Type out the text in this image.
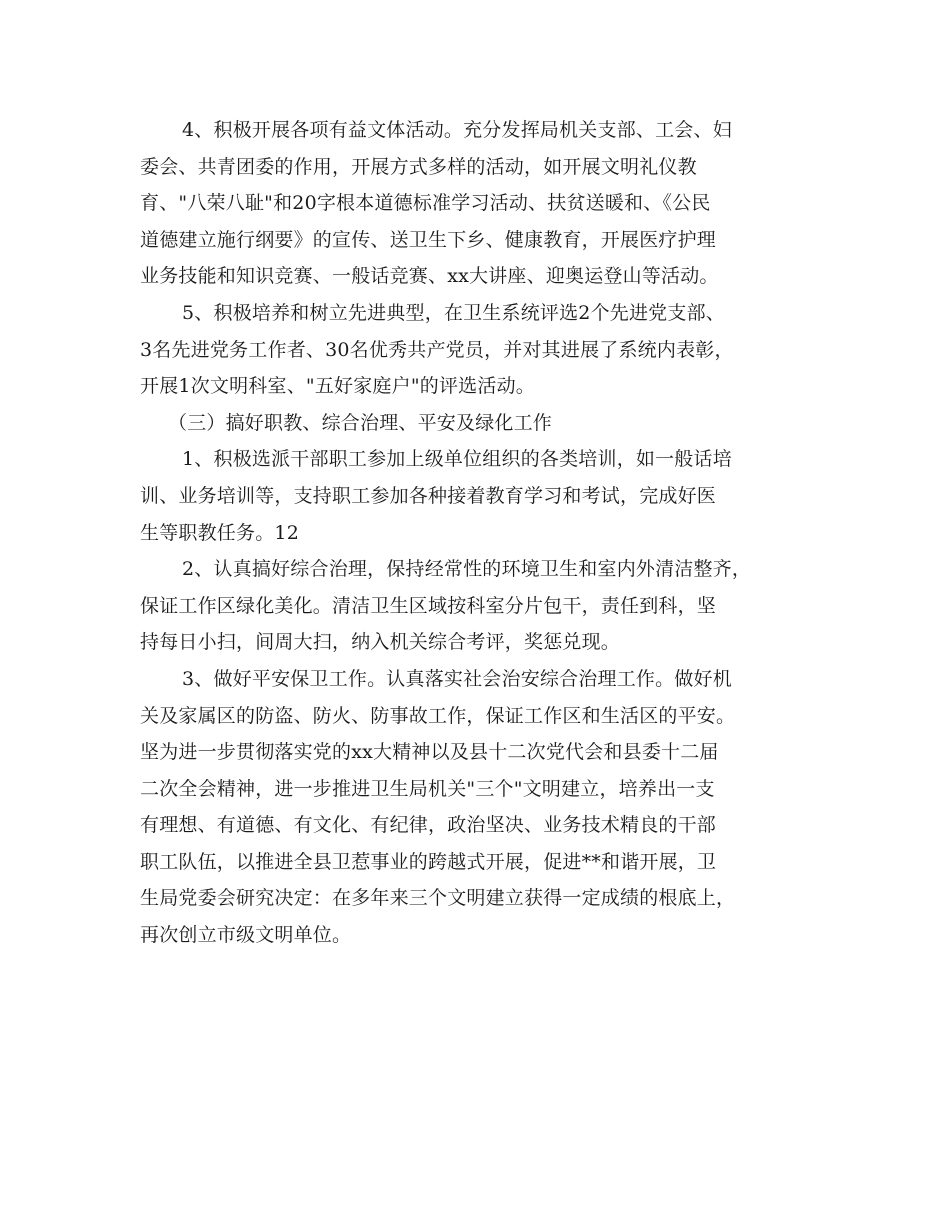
4、积极开展各项有益文体活动。充分发挥局机关支部、工会、妇
委会、共青团委的作用，开展方式多样的活动，如开展文明礼仪教
育、"八荣八耻"和20字根本道德标准学习活动、扶贫送暖和、《公民
道德建立施行纲要》的宣传、送卫生下乡、健康教育，开展医疗护理
业务技能和知识竞赛、一般话竞赛、xx大讲座、迎奥运登山等活动。
5、积极培养和树立先进典型，在卫生系统评选2个先进党支部、
3名先进党务工作者、30名优秀共产党员，并对其进展了系统内表彰，
开展1次文明科室、"五好家庭户"的评选活动。
（三）搞好职教、综合治理、平安及绿化工作
1、积极选派干部职工参加上级单位组织的各类培训，如一般话培
训、业务培训等，支持职工参加各种接着教育学习和考试，完成好医
生等职教任务。12
2、认真搞好综合治理，保持经常性的环境卫生和室内外清洁整齐，
保证工作区绿化美化。清洁卫生区域按科室分片包干，责任到科，坚
持每日小扫，间周大扫，纳入机关综合考评，奖惩兑现。
3、做好平安保卫工作。认真落实社会治安综合治理工作。做好机
关及家属区的防盗、防火、防事故工作，保证工作区和生活区的平安。
坚为进一步贯彻落实党的xx大精神以及县十二次党代会和县委十二届
二次全会精神，进一步推进卫生局机关"三个"文明建立，培养出一支
有理想、有道德、有文化、有纪律，政治坚决、业务技术精良的干部
职工队伍，以推进全县卫惹事业的跨越式开展，促进**和谐开展，卫
生局党委会研究决定：在多年来三个文明建立获得一定成绩的根底上，
再次创立市级文明单位。
